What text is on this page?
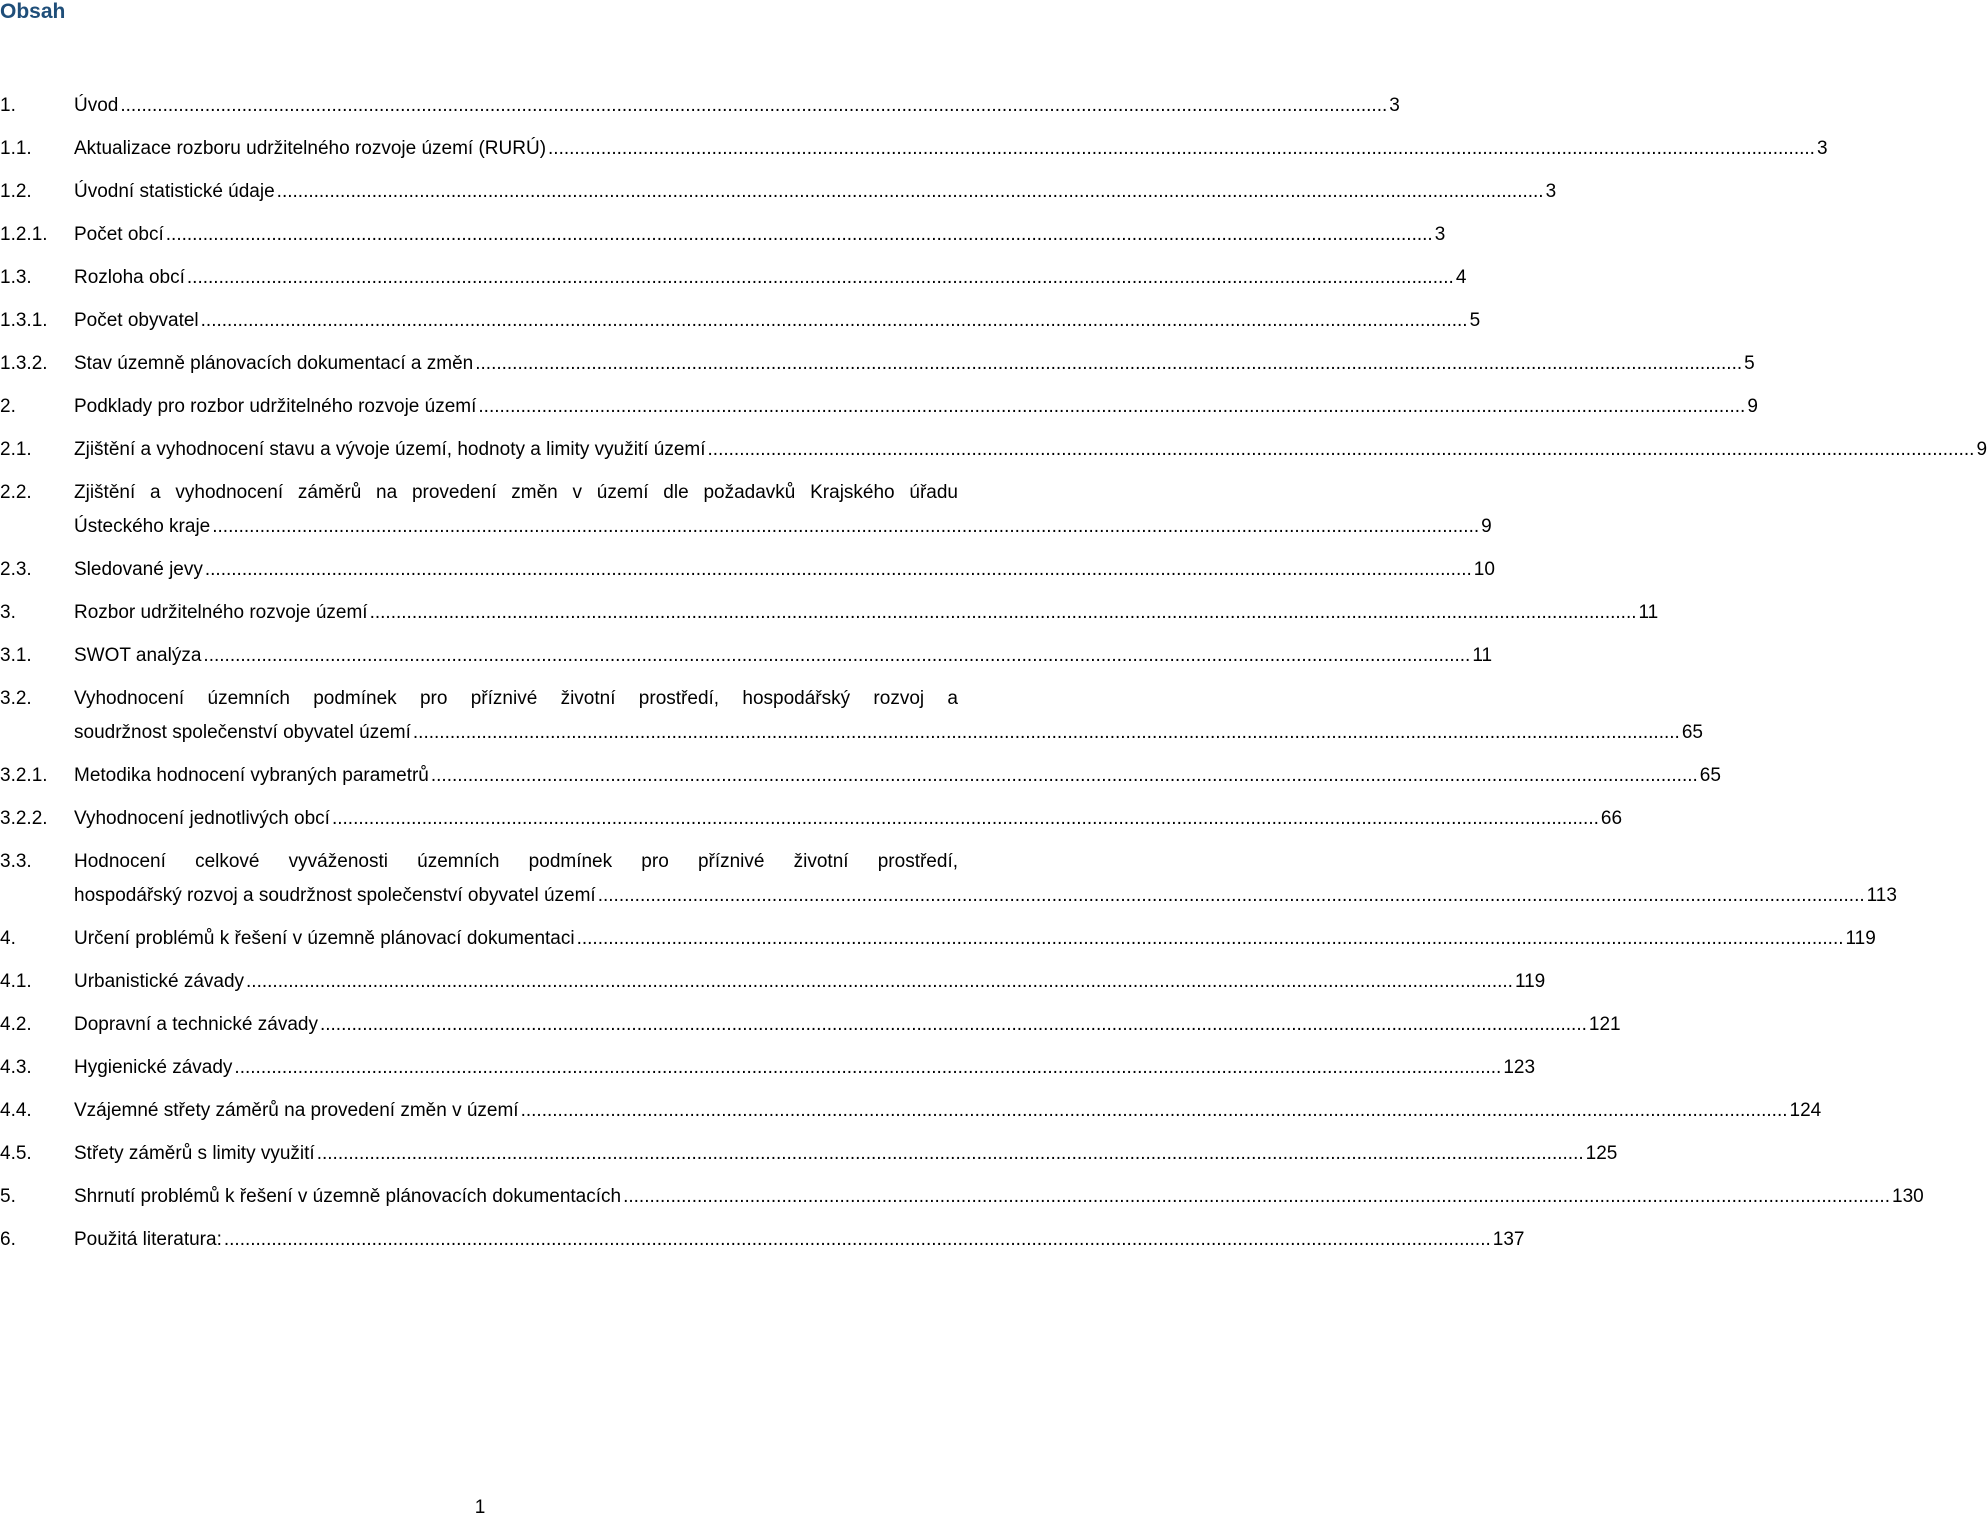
Obsah
1.	Úvod .....	3
1.1.	Aktualizace rozboru udržitelného rozvoje území (RURÚ) .....	3
1.2.	Úvodní statistické údaje .....	3
1.2.1.	Počet obcí .....	3
1.3.	Rozloha obcí .....	4
1.3.1.	Počet obyvatel .....	5
1.3.2.	Stav územně plánovacích dokumentací a změn .....	5
2.	Podklady pro rozbor udržitelného rozvoje území .....	9
2.1.	Zjištění a vyhodnocení stavu a vývoje území, hodnoty a limity využití území .....	9
2.2.	Zjištění a vyhodnocení záměrů na provedení změn v území dle požadavků Krajského úřadu
Ústeckého kraje .....	9
2.3.	Sledované jevy .....	10
3.	Rozbor udržitelného rozvoje území .....	11
3.1.	SWOT analýza .....	11
3.2.	Vyhodnocení územních podmínek pro příznivé životní prostředí, hospodářský rozvoj a
soudržnost společenství obyvatel území .....	65
3.2.1.	Metodika hodnocení vybraných parametrů .....	65
3.2.2.	Vyhodnocení jednotlivých obcí .....	66
3.3.	Hodnocení celkové vyváženosti územních podmínek pro příznivé životní prostředí,
hospodářský rozvoj a soudržnost společenství obyvatel území .....	113
4.	Určení problémů k řešení v územně plánovací dokumentaci .....	119
4.1.	Urbanistické závady .....	119
4.2.	Dopravní a technické závady .....	121
4.3.	Hygienické závady .....	123
4.4.	Vzájemné střety záměrů na provedení změn v území .....	124
4.5.	Střety záměrů s limity využití .....	125
5.	Shrnutí problémů k řešení v územně plánovacích dokumentacích .....	130
6.	Použitá literatura: .....	137
1
